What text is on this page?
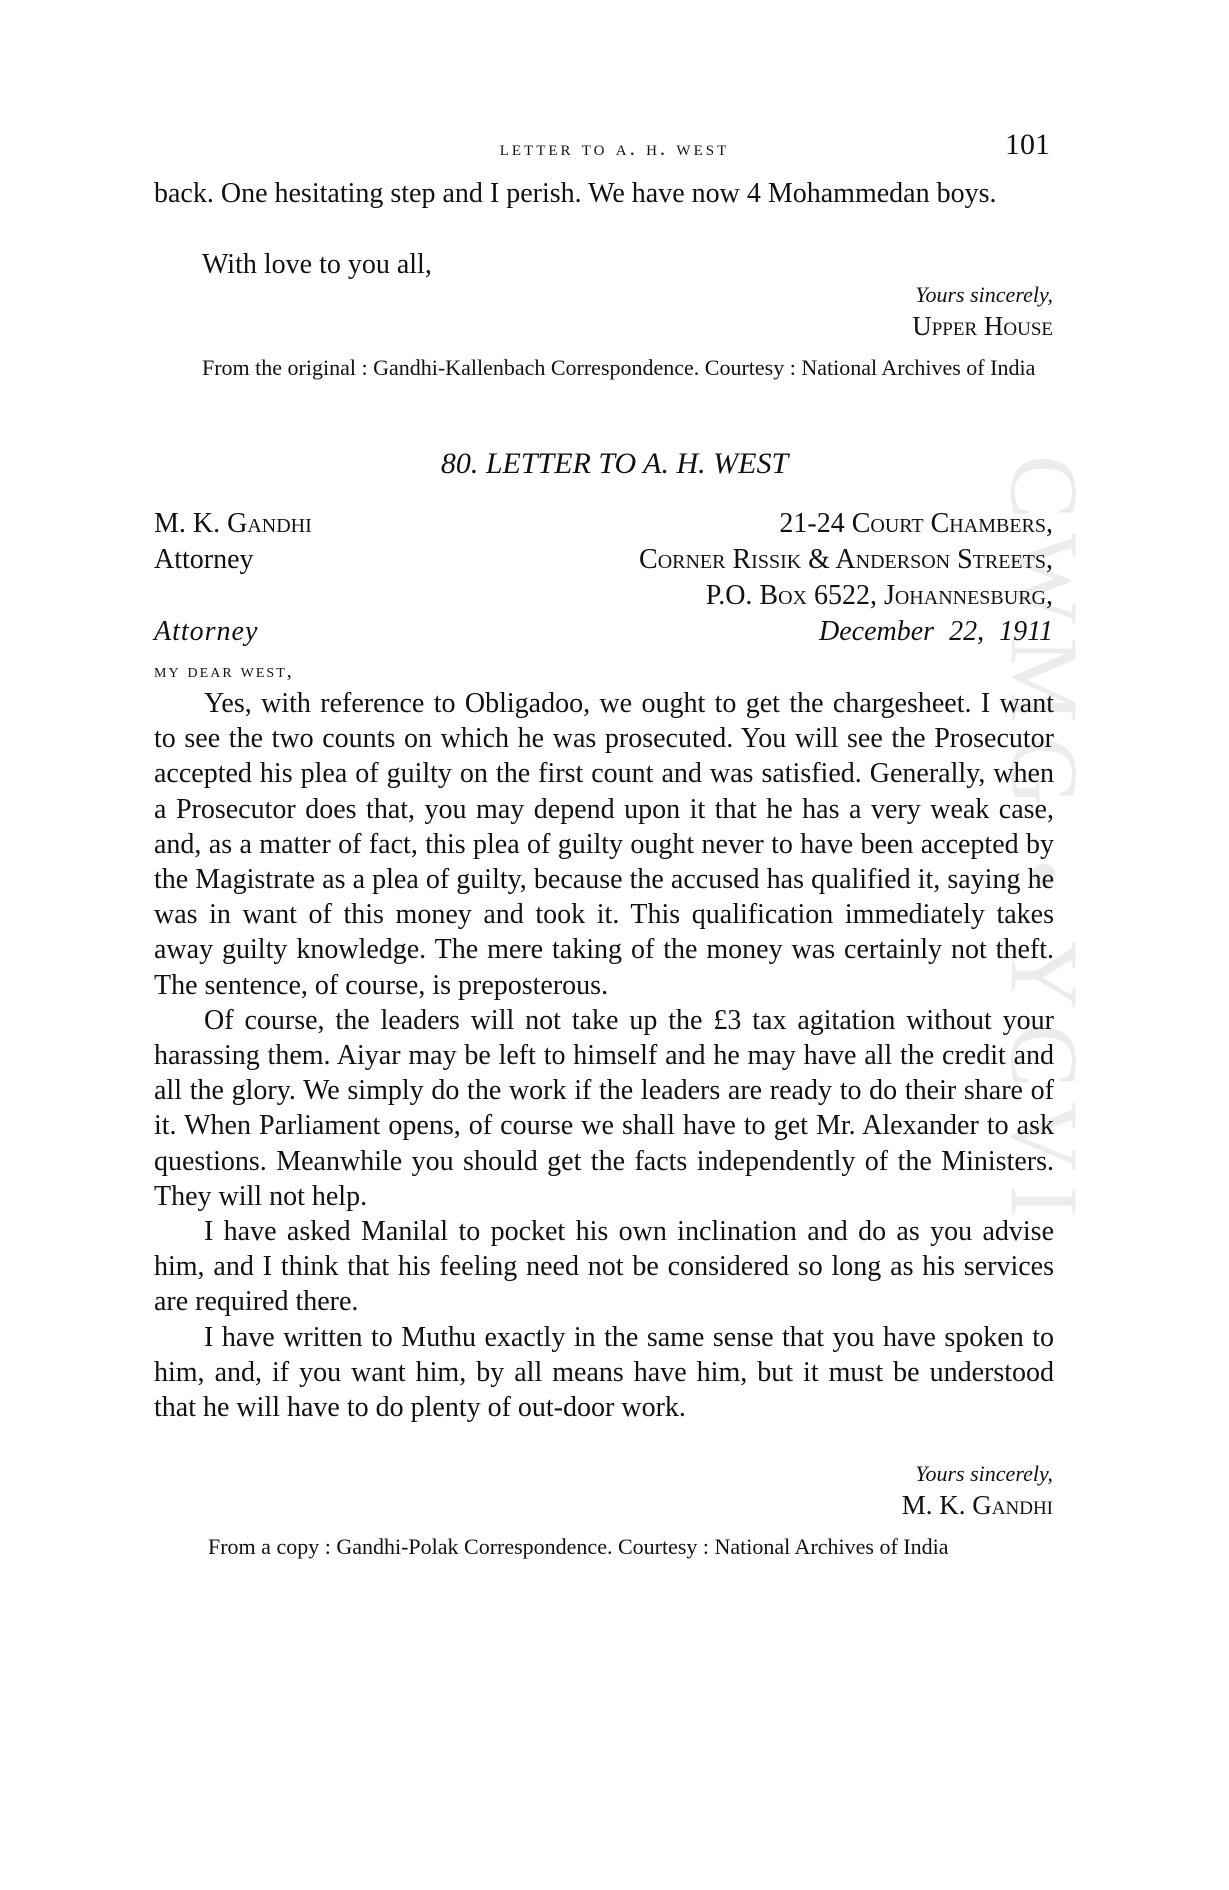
letter to a. h. west	101
CWMG • YCVI
back. One hesitating step and I perish. We have now 4 Mohammedan boys.
With love to you all,
Yours sincerely,
Upper House
From the original : Gandhi-Kallenbach Correspondence. Courtesy : National Archives of India
80. LETTER TO A. H. WEST
M. K. Gandhi
Attorney
Attorney
21-24 Court Chambers,
Corner Rissik & Anderson Streets,
P.O. Box 6522, Johannesburg,
December 22, 1911
my dear west,

Yes, with reference to Obligadoo, we ought to get the chargesheet. I want to see the two counts on which he was prosecuted. You will see the Prosecutor accepted his plea of guilty on the first count and was satisfied. Generally, when a Prosecutor does that, you may depend upon it that he has a very weak case, and, as a matter of fact, this plea of guilty ought never to have been accepted by the Magistrate as a plea of guilty, because the accused has qualified it, saying he was in want of this money and took it. This qualification immediately takes away guilty knowledge. The mere taking of the money was certainly not theft. The sentence, of course, is preposterous.

Of course, the leaders will not take up the £3 tax agitation without your harassing them. Aiyar may be left to himself and he may have all the credit and all the glory. We simply do the work if the leaders are ready to do their share of it. When Parliament opens, of course we shall have to get Mr. Alexander to ask questions. Meanwhile you should get the facts independently of the Ministers. They will not help.

I have asked Manilal to pocket his own inclination and do as you advise him, and I think that his feeling need not be considered so long as his services are required there.

I have written to Muthu exactly in the same sense that you have spoken to him, and, if you want him, by all means have him, but it must be understood that he will have to do plenty of out-door work.

Yours sincerely,
M. K. Gandhi
From a copy : Gandhi-Polak Correspondence. Courtesy : National Archives of India
